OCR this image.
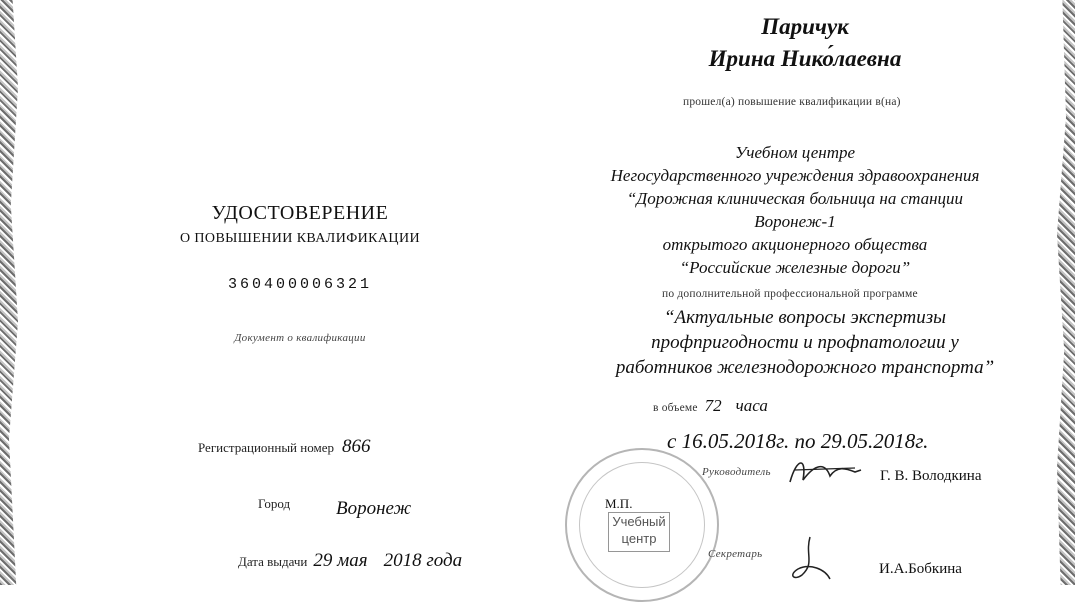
Паричук
Ирина Нико́лаевна
прошел(а) повышение квалификации в(на)
Учебном центре
Негосударственного учреждения здравоохранения
“Дорожная клиническая больница на станции
Воронеж-1
открытого акционерного общества
“Российские железные дороги”
по дополнительной профессиональной программе
“Актуальные вопросы экспертизы
профпригодности и профпатологии у
работников железнодорожного транспорта”
в объеме 72 часа
с 16.05.2018г. по 29.05.2018г.
М.П.
Учебный
центр
Руководитель	Г. В. Володкина
Секретарь
И.А.Бобкина
УДОСТОВЕРЕНИЕ
О ПОВЫШЕНИИ КВАЛИФИКАЦИИ
360400006321
Документ о квалификации
Регистрационный номер 866
Город Воронеж
Дата выдачи 29 мая 2018 года
